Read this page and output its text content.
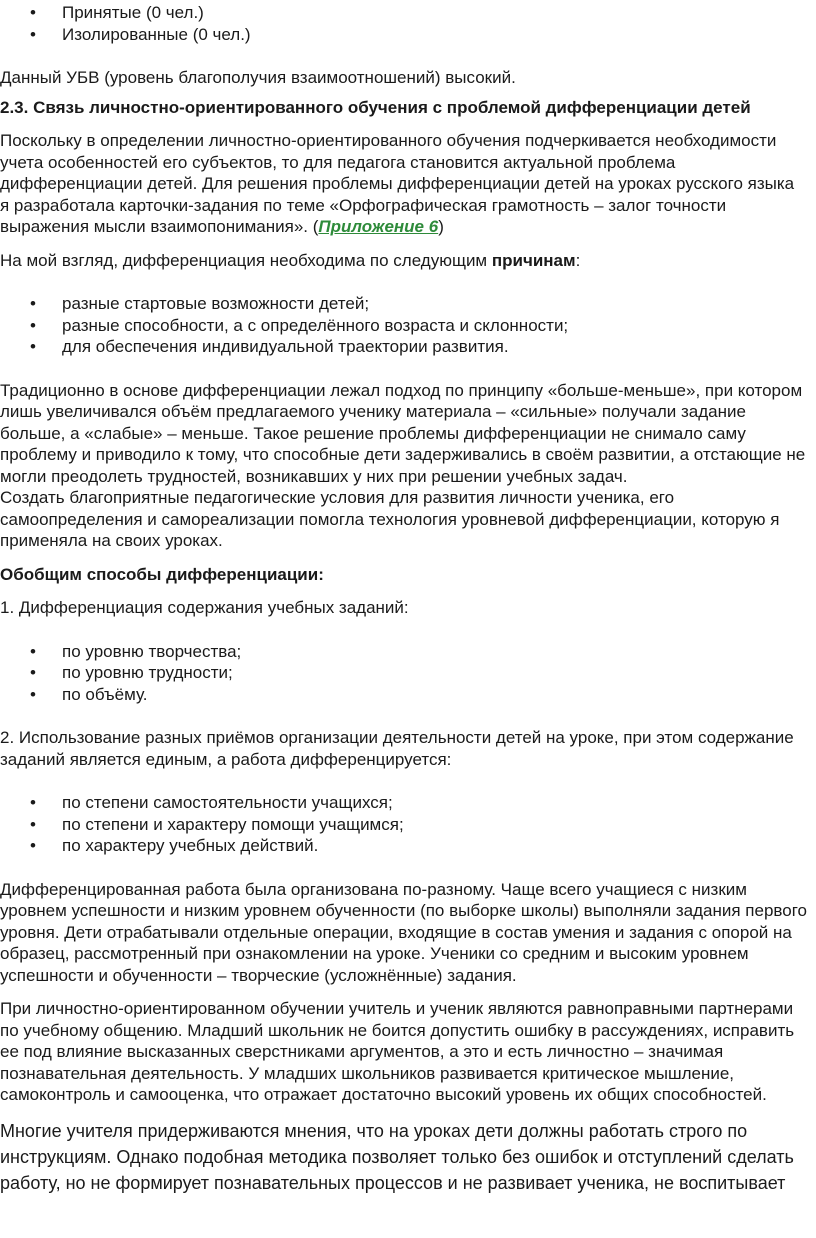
• Принятые (0 чел.)
• Изолированные (0 чел.)

Данный УБВ (уровень благополучия взаимоотношений) высокий.

2.3. Связь личностно-ориентированного обучения с проблемой дифференциации детей

Поскольку в определении личностно-ориентированного обучения подчеркивается необходимости учета особенностей его субъектов, то для педагога становится актуальной проблема дифференциации детей. Для решения проблемы дифференциации детей на уроках русского языка я разработала карточки-задания по теме «Орфографическая грамотность – залог точности выражения мысли взаимопонимания». (Приложение 6)

На мой взгляд, дифференциация необходима по следующим причинам:

• разные стартовые возможности детей;
• разные способности, а с определённого возраста и склонности;
• для обеспечения индивидуальной траектории развития.

Традиционно в основе дифференциации лежал подход по принципу «больше-меньше», при котором лишь увеличивался объём предлагаемого ученику материала – «сильные» получали задание больше, а «слабые» – меньше. Такое решение проблемы дифференциации не снимало саму проблему и приводило к тому, что способные дети задерживались в своём развитии, а отстающие не могли преодолеть трудностей, возникавших у них при решении учебных задач.

Создать благоприятные педагогические условия для развития личности ученика, его самоопределения и самореализации помогла технология уровневой дифференциации, которую я применяла на своих уроках.

Обобщим способы дифференциации:

1. Дифференциация содержания учебных заданий:

• по уровню творчества;
• по уровню трудности;
• по объёму.

2. Использование разных приёмов организации деятельности детей на уроке, при этом содержание заданий является единым, а работа дифференцируется:

• по степени самостоятельности учащихся;
• по степени и характеру помощи учащимся;
• по характеру учебных действий.

Дифференцированная работа была организована по-разному. Чаще всего учащиеся с низким уровнем успешности и низким уровнем обученности (по выборке школы) выполняли задания первого уровня. Дети отрабатывали отдельные операции, входящие в состав умения и задания с опорой на образец, рассмотренный при ознакомлении на уроке. Ученики со средним и высоким уровнем успешности и обученности – творческие (усложнённые) задания.

При личностно-ориентированном обучении учитель и ученик являются равноправными партнерами по учебному общению. Младший школьник не боится допустить ошибку в рассуждениях, исправить ее под влияние высказанных сверстниками аргументов, а это и есть личностно – значимая познавательная деятельность. У младших школьников развивается критическое мышление, самоконтроль и самооценка, что отражает достаточно высокий уровень их общих способностей.

Многие учителя придерживаются мнения, что на уроках дети должны работать строго по инструкциям. Однако подобная методика позволяет только без ошибок и отступлений сделать работу, но не формирует познавательных процессов и не развивает ученика, не воспитывает
